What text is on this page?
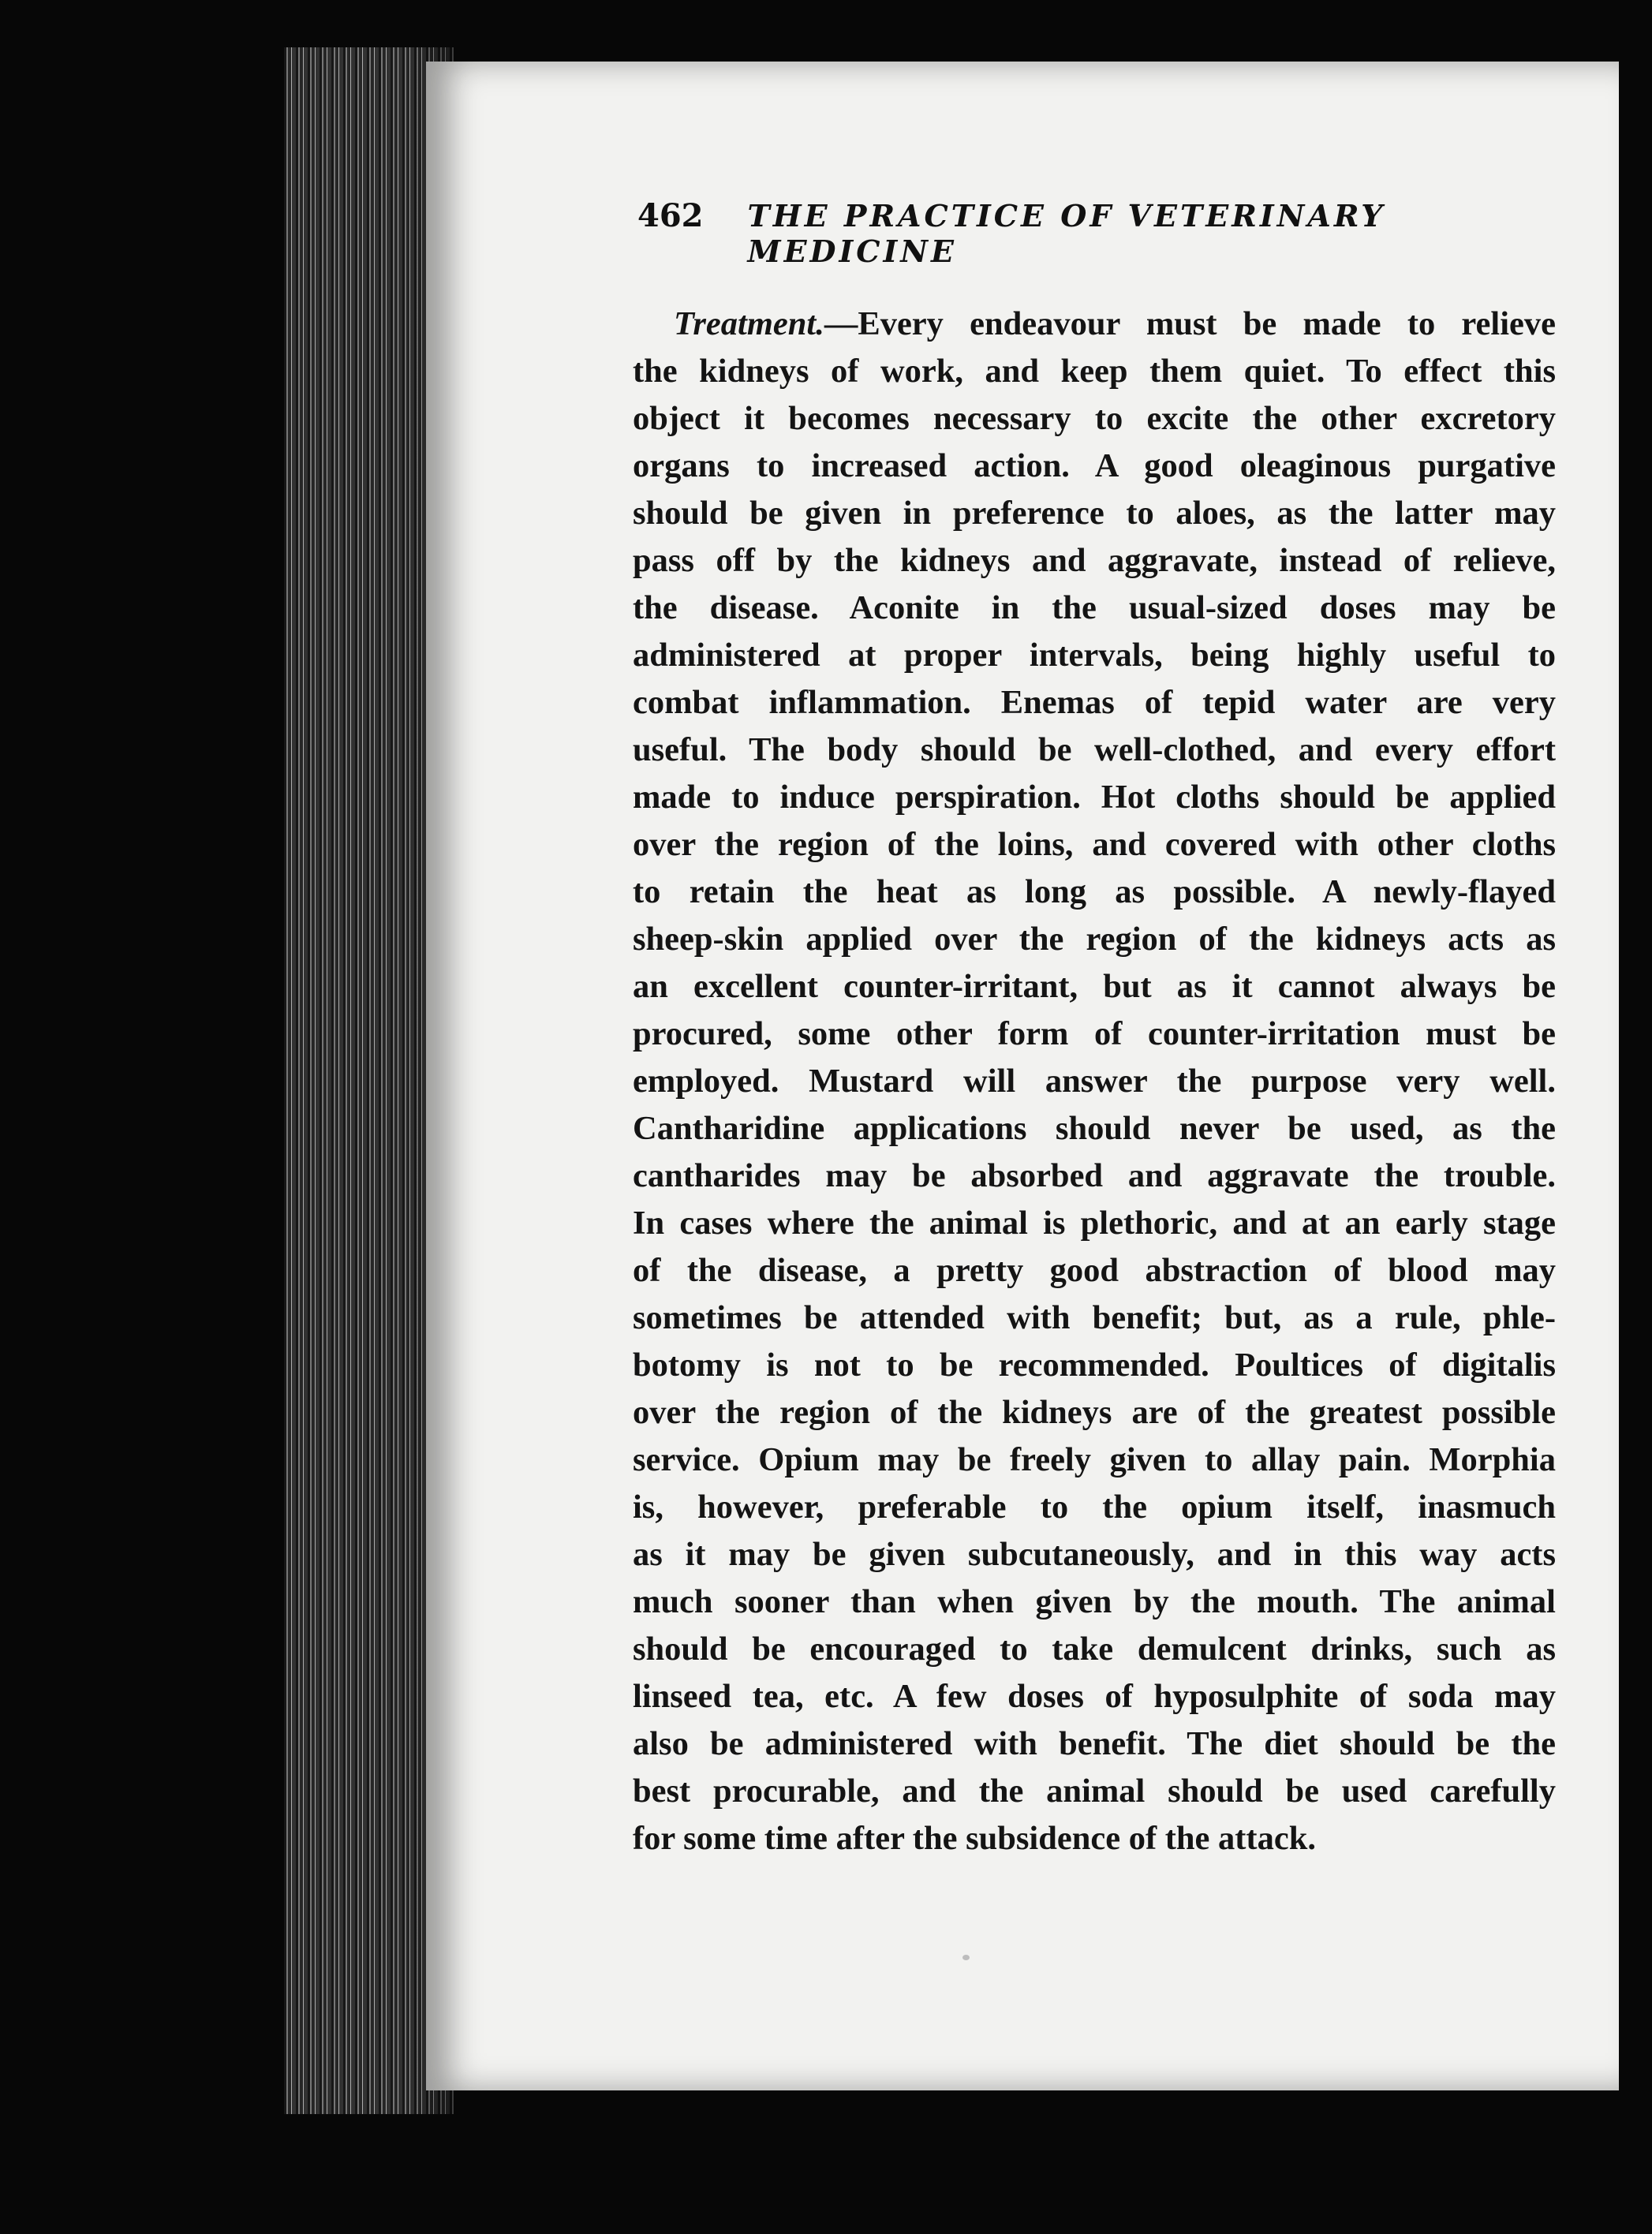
462 THE PRACTICE OF VETERINARY MEDICINE
Treatment.—Every endeavour must be made to relieve
the kidneys of work, and keep them quiet. To effect this
object it becomes necessary to excite the other excretory
organs to increased action. A good oleaginous purgative
should be given in preference to aloes, as the latter may
pass off by the kidneys and aggravate, instead of relieve,
the disease. Aconite in the usual-sized doses may be
administered at proper intervals, being highly useful to
combat inflammation. Enemas of tepid water are very
useful. The body should be well-clothed, and every effort
made to induce perspiration. Hot cloths should be applied
over the region of the loins, and covered with other cloths
to retain the heat as long as possible. A newly-flayed
sheep-skin applied over the region of the kidneys acts as
an excellent counter-irritant, but as it cannot always be
procured, some other form of counter-irritation must be
employed. Mustard will answer the purpose very well.
Cantharidine applications should never be used, as the
cantharides may be absorbed and aggravate the trouble.
In cases where the animal is plethoric, and at an early stage
of the disease, a pretty good abstraction of blood may
sometimes be attended with benefit; but, as a rule, phle-
botomy is not to be recommended. Poultices of digitalis
over the region of the kidneys are of the greatest possible
service. Opium may be freely given to allay pain. Morphia
is, however, preferable to the opium itself, inasmuch
as it may be given subcutaneously, and in this way acts
much sooner than when given by the mouth. The animal
should be encouraged to take demulcent drinks, such as
linseed tea, etc. A few doses of hyposulphite of soda may
also be administered with benefit. The diet should be the
best procurable, and the animal should be used carefully
for some time after the subsidence of the attack.
